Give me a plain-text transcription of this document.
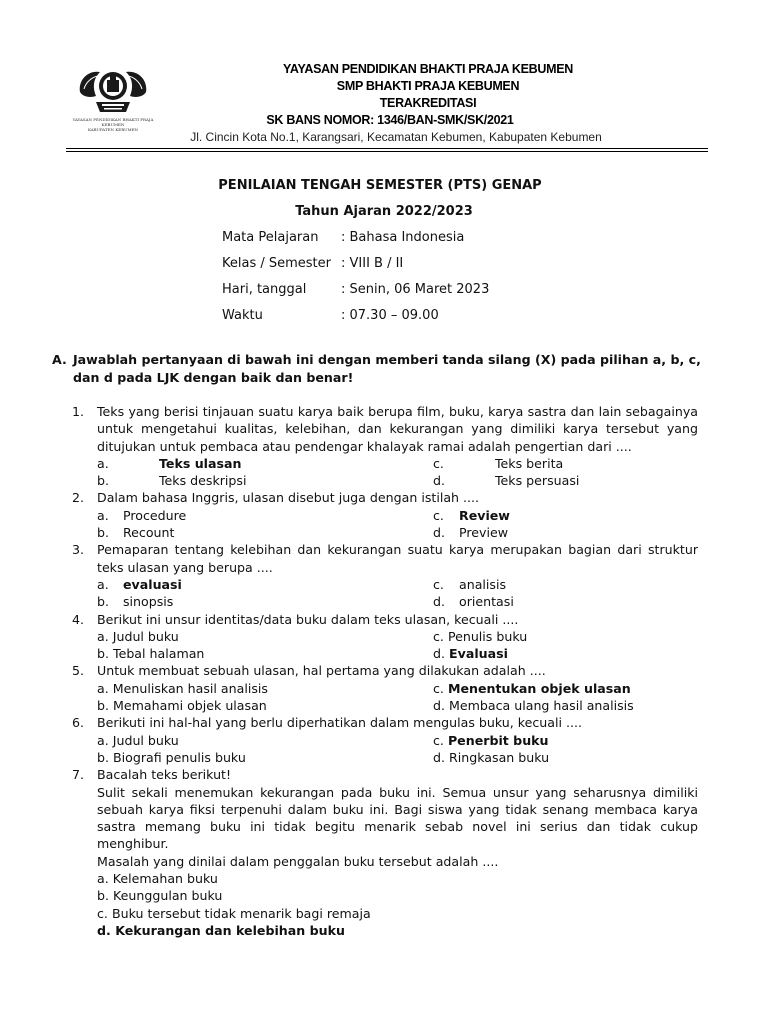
YAYASAN PENDIDIKAN BHAKTI PRAJA
KEBUMEN
KABUPATEN KEBUMEN
YAYASAN PENDIDIKAN BHAKTI PRAJA KEBUMEN
SMP BHAKTI PRAJA KEBUMEN
TERAKREDITASI
SK BANS NOMOR: 1346/BAN-SMK/SK/2021
Jl. Cincin Kota No.1, Karangsari, Kecamatan Kebumen, Kabupaten Kebumen
PENILAIAN TENGAH SEMESTER (PTS) GENAP
Tahun Ajaran 2022/2023
Mata Pelajaran : Bahasa Indonesia
Kelas / Semester : VIII B / II
Hari, tanggal	: Senin, 06 Maret 2023
Waktu	: 07.30 – 09.00
A. Jawablah pertanyaan di bawah ini dengan memberi tanda silang (X) pada pilihan a, b, c, dan d pada LJK dengan baik dan benar!
1. Teks yang berisi tinjauan suatu karya baik berupa film, buku, karya sastra dan lain sebagainya untuk mengetahui kualitas, kelebihan, dan kekurangan yang dimiliki karya tersebut yang ditujukan untuk pembaca atau pendengar khalayak ramai adalah pengertian dari ....
a.	Teks ulasan	c.	Teks berita
b.	Teks deskripsi	d.	Teks persuasi
2. Dalam bahasa Inggris, ulasan disebut juga dengan istilah ....
a. Procedure	c. Review
b. Recount	d. Preview
3. Pemaparan tentang kelebihan dan kekurangan suatu karya merupakan bagian dari struktur teks ulasan yang berupa ....
a. evaluasi	c. analisis
b. sinopsis	d. orientasi
4. Berikut ini unsur identitas/data buku dalam teks ulasan, kecuali ....
a. Judul buku	c. Penulis buku
b. Tebal halaman	d. Evaluasi
5. Untuk membuat sebuah ulasan, hal pertama yang dilakukan adalah ....
a. Menuliskan hasil analisis	c. Menentukan objek ulasan
b. Memahami objek ulasan	d. Membaca ulang hasil analisis
6. Berikuti ini hal-hal yang berlu diperhatikan dalam mengulas buku, kecuali ....
a. Judul buku	c. Penerbit buku
b. Biografi penulis buku	d. Ringkasan buku
7. Bacalah teks berikut!
Sulit sekali menemukan kekurangan pada buku ini. Semua unsur yang seharusnya dimiliki sebuah karya fiksi terpenuhi dalam buku ini. Bagi siswa yang tidak senang membaca karya sastra memang buku ini tidak begitu menarik sebab novel ini serius dan tidak cukup menghibur.
Masalah yang dinilai dalam penggalan buku tersebut adalah ....
a. Kelemahan buku
b. Keunggulan buku
c. Buku tersebut tidak menarik bagi remaja
d. Kekurangan dan kelebihan buku
